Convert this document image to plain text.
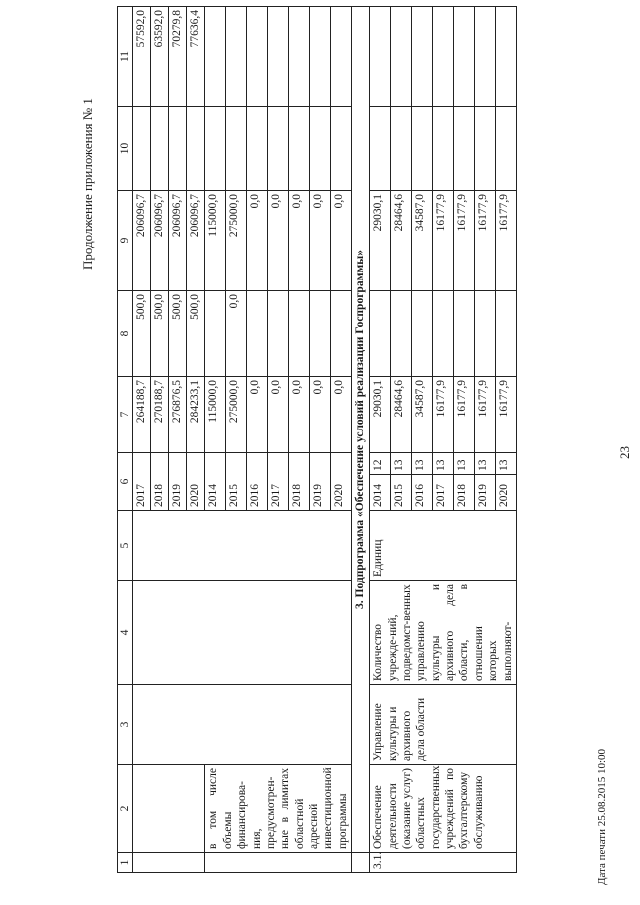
23
Продолжение приложения № 1
Дата печати 25.08.2015 10:00
1	2	3	4	5	6		7	8	9	10	11
					2017		264188,7	500,0	206096,7		57592,0
					2018		270188,7	500,0	206096,7		63592,0
					2019		276876,5	500,0	206096,7		70279,8
					2020		284233,1	500,0	206096,7		77636,4
	в том числе объемы финансирова-ния, предусмотрен-ные в лимитах областной адресной инвестиционной программы				2014		115000,0		115000,0		
					2015		275000,0	0,0	275000,0		
					2016		0,0		0,0		
					2017		0,0		0,0		
					2018		0,0		0,0		
					2019		0,0		0,0		
					2020		0,0		0,0		
	3. Подпрограмма «Обеспечение условий реализации Госпрограммы»										
3.1.	Обеспечение деятельности (оказание услуг) областных государственных учреждений по бухгалтерскому обслуживанию	Управление культуры и архивного дела области	Количество учрежде-ний, подведомст-венных управлению культуры и архивного дела области, в отношении которых выполняют-	Единиц	2014	12	29030,1		29030,1		
					2015	13	28464,6		28464,6		
					2016	13	34587,0		34587,0		
					2017	13	16177,9		16177,9		
					2018	13	16177,9		16177,9		
					2019	13	16177,9		16177,9		
					2020	13	16177,9		16177,9		
